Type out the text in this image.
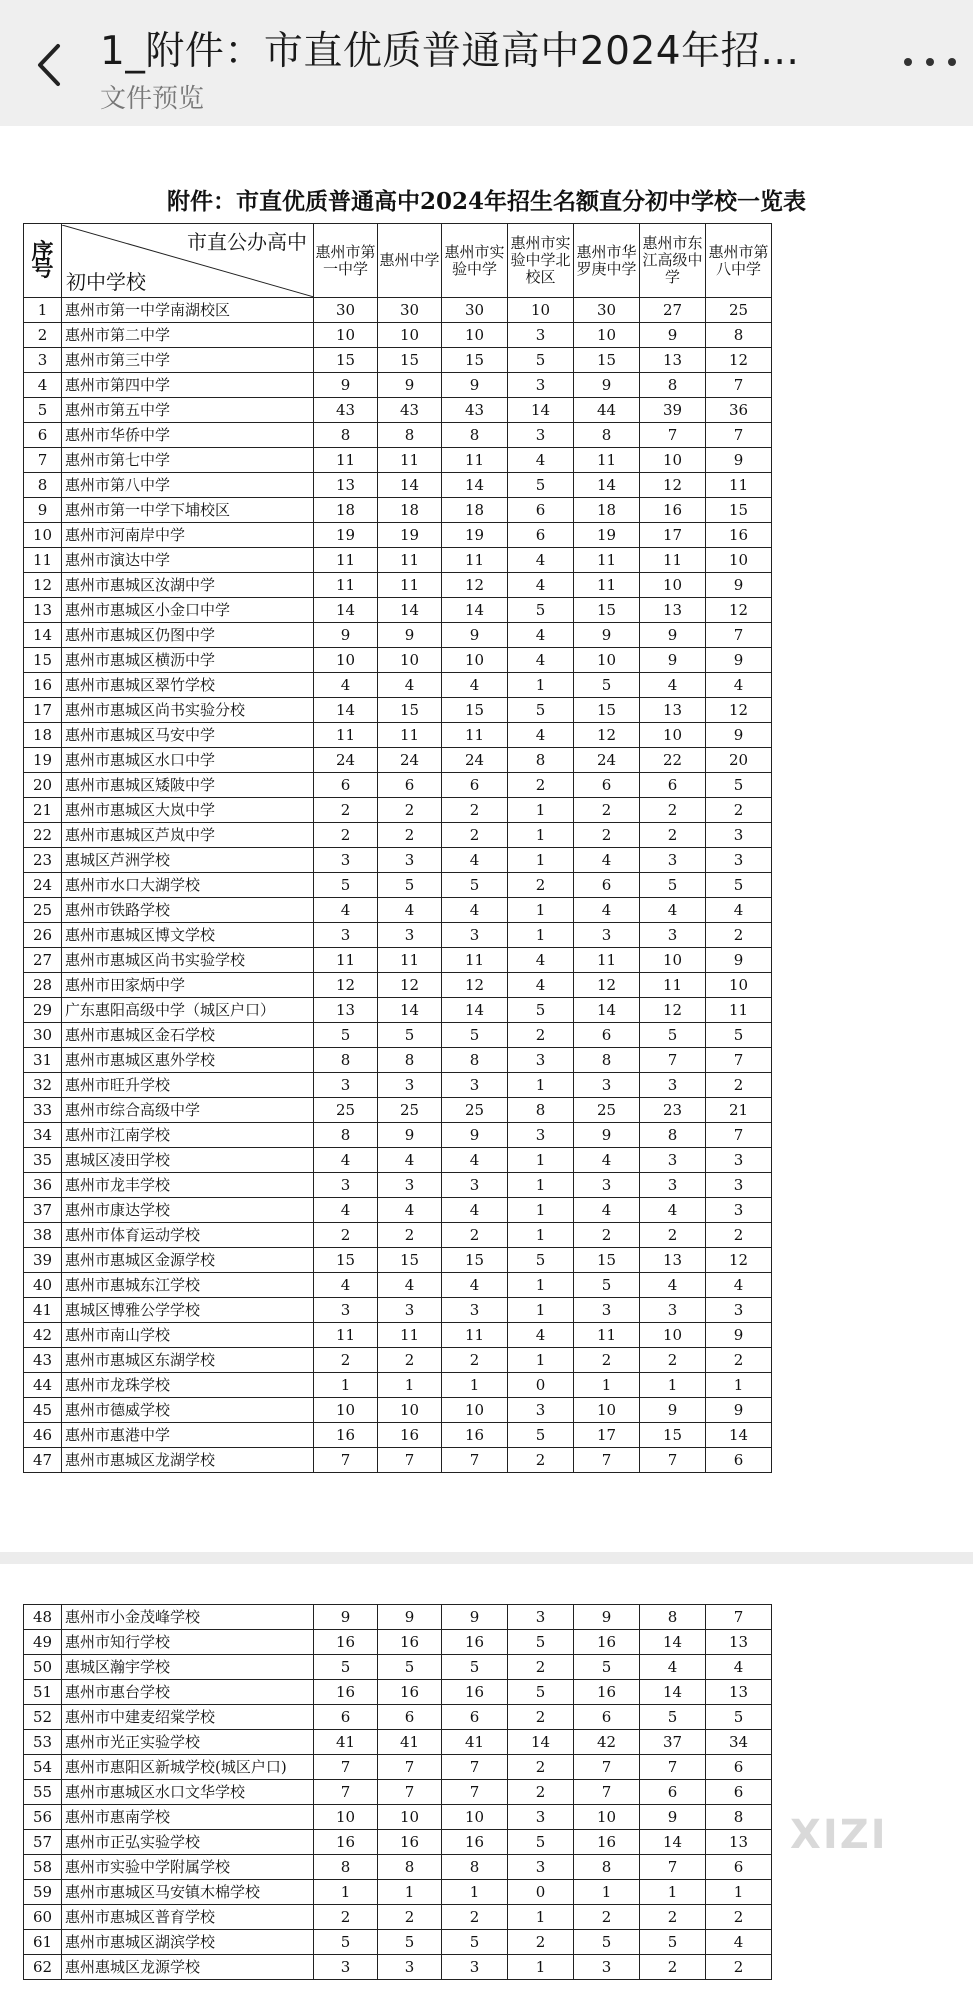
1_附件：市直优质普通高中2024年招…
文件预览
附件：市直优质普通高中2024年招生名额直分初中学校一览表
序号	市直公办高中
初中学校	惠州市第一中学	惠州中学	惠州市实验中学	惠州市实验中学北校区	惠州市华罗庚中学	惠州市东江高级中学	惠州市第八中学
1	惠州市第一中学南湖校区	30	30	30	10	30	27	25
2	惠州市第二中学	10	10	10	3	10	9	8
3	惠州市第三中学	15	15	15	5	15	13	12
4	惠州市第四中学	9	9	9	3	9	8	7
5	惠州市第五中学	43	43	43	14	44	39	36
6	惠州市华侨中学	8	8	8	3	8	7	7
7	惠州市第七中学	11	11	11	4	11	10	9
8	惠州市第八中学	13	14	14	5	14	12	11
9	惠州市第一中学下埔校区	18	18	18	6	18	16	15
10	惠州市河南岸中学	19	19	19	6	19	17	16
11	惠州市演达中学	11	11	11	4	11	11	10
12	惠州市惠城区汝湖中学	11	11	12	4	11	10	9
13	惠州市惠城区小金口中学	14	14	14	5	15	13	12
14	惠州市惠城区仍图中学	9	9	9	4	9	9	7
15	惠州市惠城区横沥中学	10	10	10	4	10	9	9
16	惠州市惠城区翠竹学校	4	4	4	1	5	4	4
17	惠州市惠城区尚书实验分校	14	15	15	5	15	13	12
18	惠州市惠城区马安中学	11	11	11	4	12	10	9
19	惠州市惠城区水口中学	24	24	24	8	24	22	20
20	惠州市惠城区矮陂中学	6	6	6	2	6	6	5
21	惠州市惠城区大岚中学	2	2	2	1	2	2	2
22	惠州市惠城区芦岚中学	2	2	2	1	2	2	3
23	惠城区芦洲学校	3	3	4	1	4	3	3
24	惠州市水口大湖学校	5	5	5	2	6	5	5
25	惠州市铁路学校	4	4	4	1	4	4	4
26	惠州市惠城区博文学校	3	3	3	1	3	3	2
27	惠州市惠城区尚书实验学校	11	11	11	4	11	10	9
28	惠州市田家炳中学	12	12	12	4	12	11	10
29	广东惠阳高级中学（城区户口）	13	14	14	5	14	12	11
30	惠州市惠城区金石学校	5	5	5	2	6	5	5
31	惠州市惠城区惠外学校	8	8	8	3	8	7	7
32	惠州市旺升学校	3	3	3	1	3	3	2
33	惠州市综合高级中学	25	25	25	8	25	23	21
34	惠州市江南学校	8	9	9	3	9	8	7
35	惠城区凌田学校	4	4	4	1	4	3	3
36	惠州市龙丰学校	3	3	3	1	3	3	3
37	惠州市康达学校	4	4	4	1	4	4	3
38	惠州市体育运动学校	2	2	2	1	2	2	2
39	惠州市惠城区金源学校	15	15	15	5	15	13	12
40	惠州市惠城东江学校	4	4	4	1	5	4	4
41	惠城区博雅公学学校	3	3	3	1	3	3	3
42	惠州市南山学校	11	11	11	4	11	10	9
43	惠州市惠城区东湖学校	2	2	2	1	2	2	2
44	惠州市龙珠学校	1	1	1	0	1	1	1
45	惠州市德威学校	10	10	10	3	10	9	9
46	惠州市惠港中学	16	16	16	5	17	15	14
47	惠州市惠城区龙湖学校	7	7	7	2	7	7	6
48	惠州市小金茂峰学校	9	9	9	3	9	8	7
49	惠州市知行学校	16	16	16	5	16	14	13
50	惠城区瀚宇学校	5	5	5	2	5	4	4
51	惠州市惠台学校	16	16	16	5	16	14	13
52	惠州市中建麦绍棠学校	6	6	6	2	6	5	5
53	惠州市光正实验学校	41	41	41	14	42	37	34
54	惠州市惠阳区新城学校(城区户口)	7	7	7	2	7	7	6
55	惠州市惠城区水口文华学校	7	7	7	2	7	6	6
56	惠州市惠南学校	10	10	10	3	10	9	8
57	惠州市正弘实验学校	16	16	16	5	16	14	13
58	惠州市实验中学附属学校	8	8	8	3	8	7	6
59	惠州市惠城区马安镇木棉学校	1	1	1	0	1	1	1
60	惠州市惠城区普育学校	2	2	2	1	2	2	2
61	惠州市惠城区湖滨学校	5	5	5	2	5	5	4
62	惠州惠城区龙源学校	3	3	3	1	3	2	2
XIZI
